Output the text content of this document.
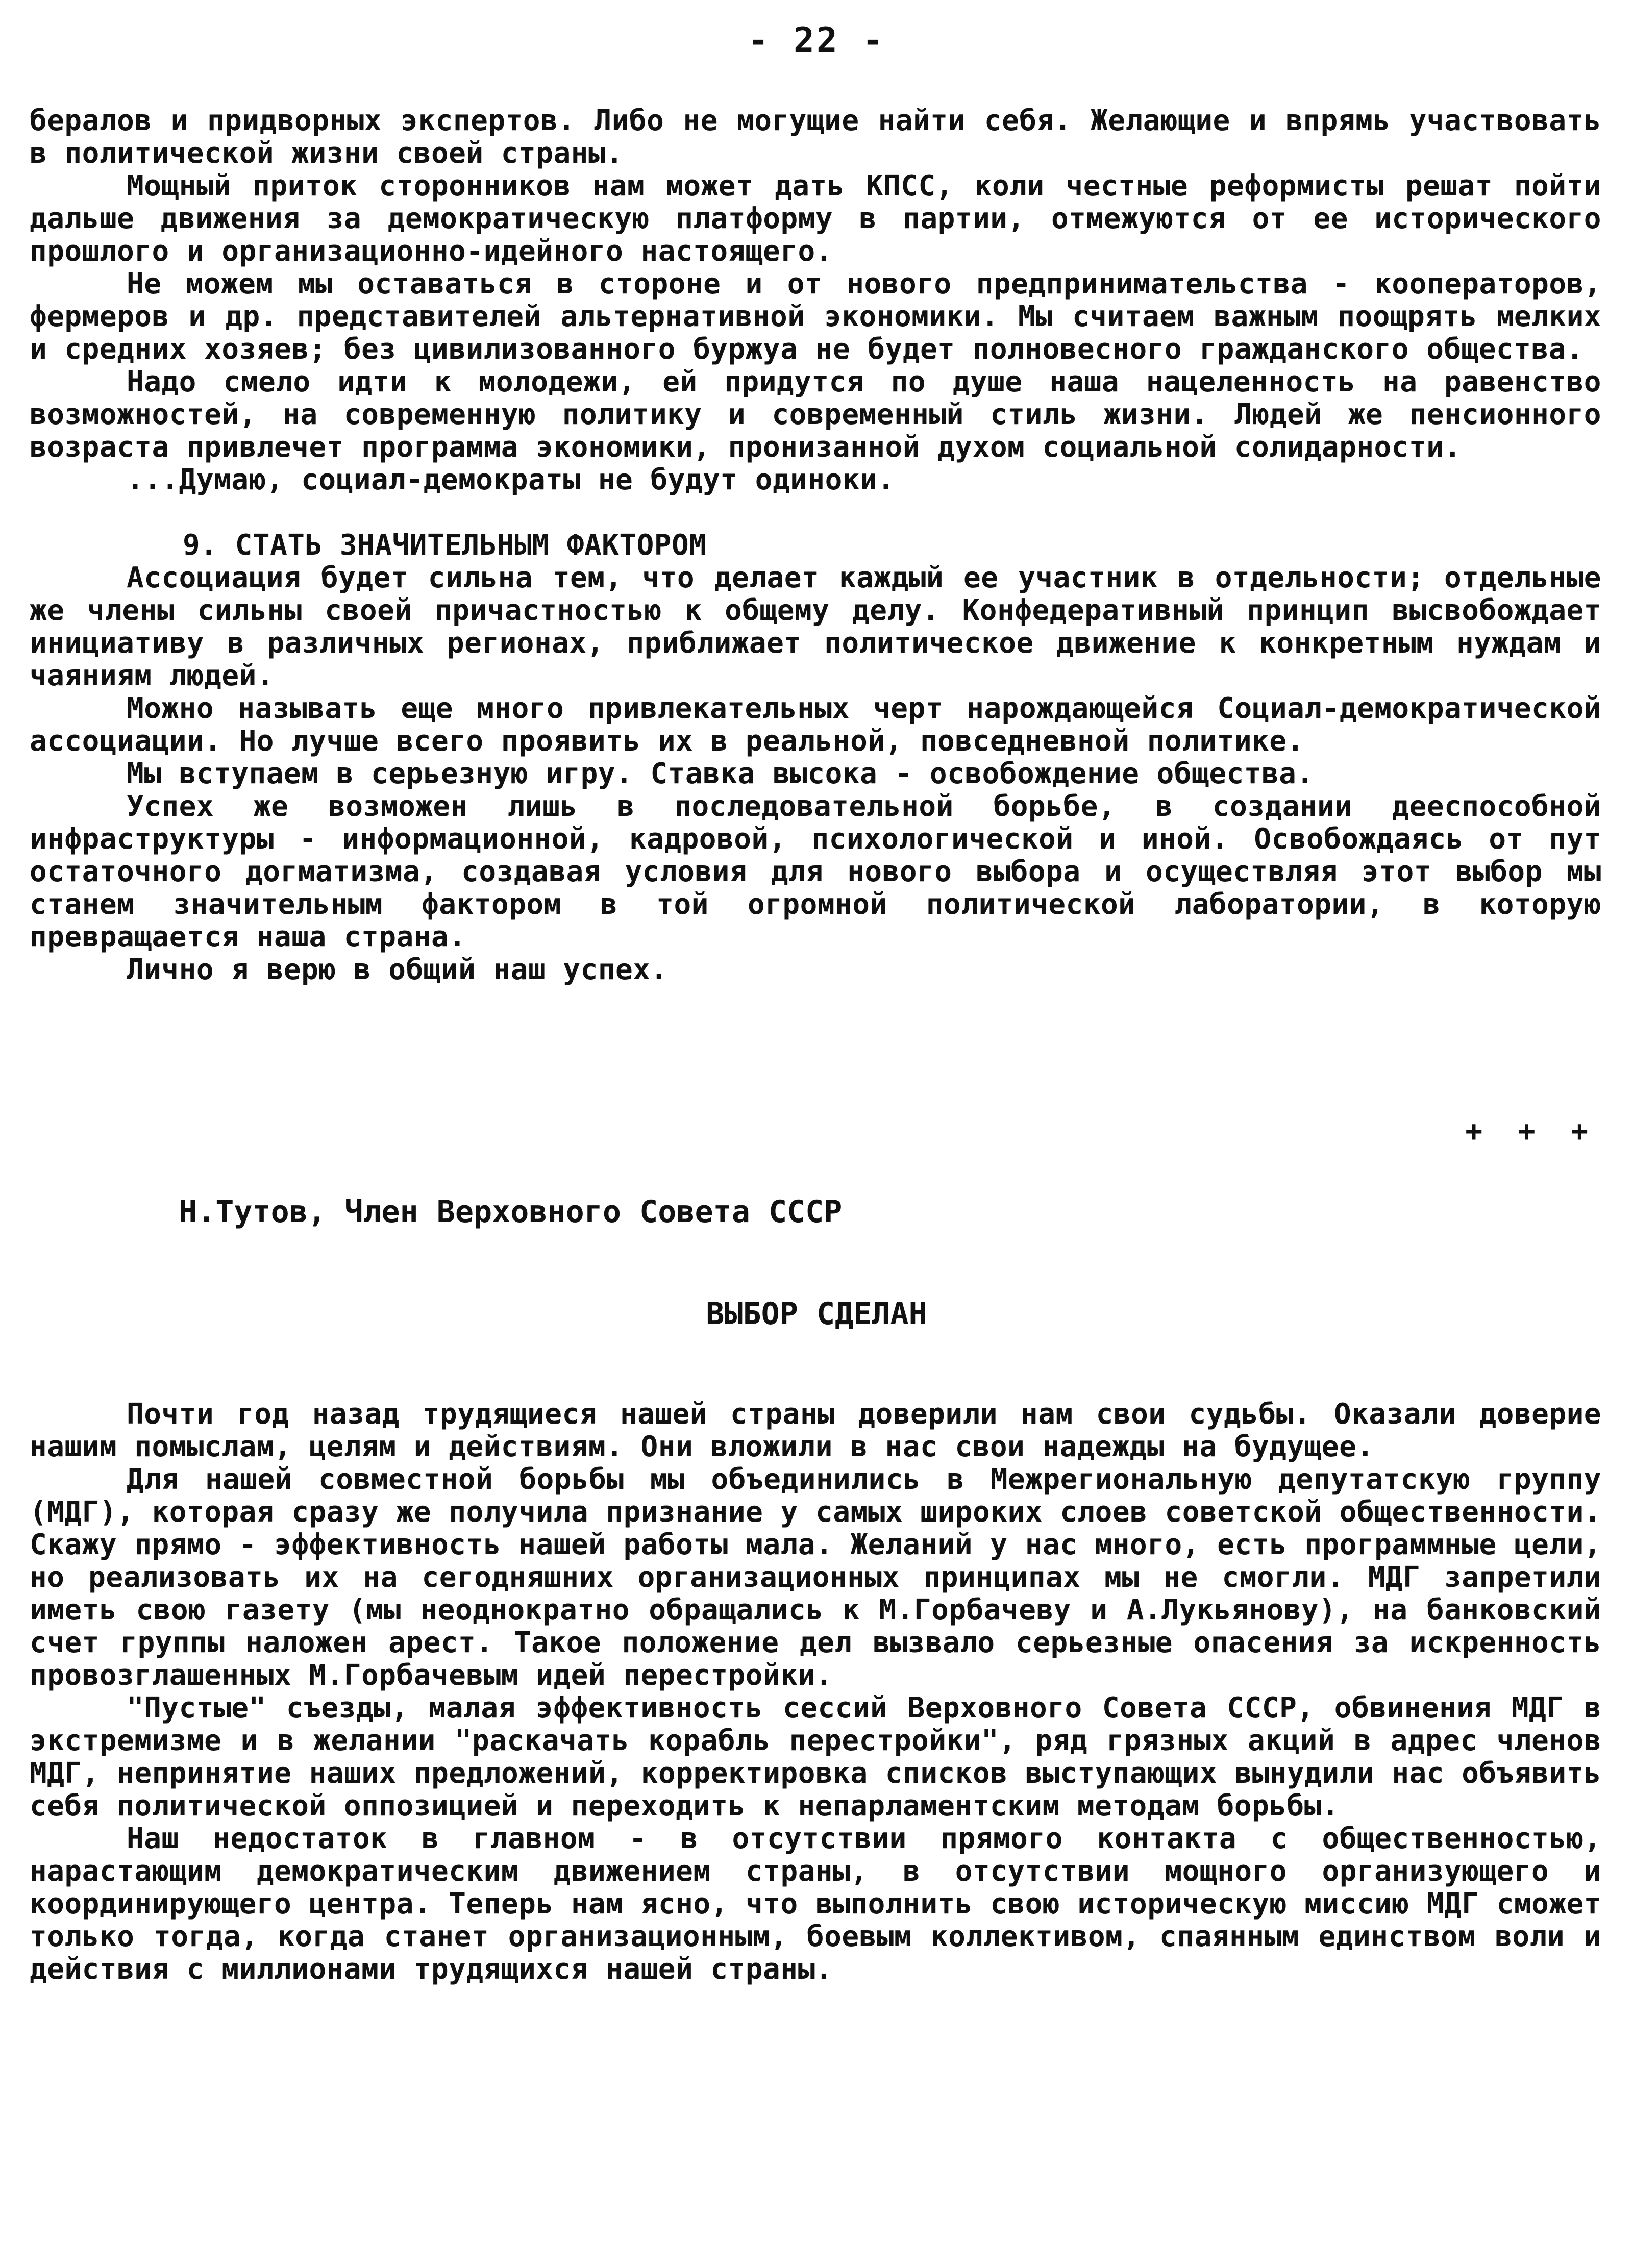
- 22 -

бералов и придворных экспертов. Либо не могущие найти себя. Желающие и впрямь участвовать в политической жизни своей страны.

Мощный приток сторонников нам может дать КПСС, коли честные реформисты решат пойти дальше движения за демократическую платформу в партии, отмежуются от ее исторического прошлого и организационно-идейного настоящего.

Не можем мы оставаться в стороне и от нового предпринимательства - кооператоров, фермеров и др. представителей альтернативной экономики. Мы считаем важным поощрять мелких и средних хозяев; без цивилизованного буржуа не будет полновесного гражданского общества.

Надо смело идти к молодежи, ей придутся по душе наша нацеленность на равенство возможностей, на современную политику и современный стиль жизни. Людей же пенсионного возраста привлечет программа экономики, пронизанной духом социальной солидарности.

...Думаю, социал-демократы не будут одиноки.

9. СТАТЬ ЗНАЧИТЕЛЬНЫМ ФАКТОРОМ

Ассоциация будет сильна тем, что делает каждый ее участник в отдельности; отдельные же члены сильны своей причастностью к общему делу. Конфедеративный принцип высвобождает инициативу в различных регионах, приближает политическое движение к конкретным нуждам и чаяниям людей.

Можно называть еще много привлекательных черт нарождающейся Социал-демократической ассоциации. Но лучше всего проявить их в реальной, повседневной политике.

Мы вступаем в серьезную игру. Ставка высока - освобождение общества.

Успех же возможен лишь в последовательной борьбе, в создании дееспособной инфраструктуры - информационной, кадровой, психологической и иной. Освобождаясь от пут остаточного догматизма, создавая условия для нового выбора и осуществляя этот выбор мы станем значительным фактором в той огромной политической лаборатории, в которую превращается наша страна.

Лично я верю в общий наш успех.

+ + +
Н.Тутов, Член Верховного Совета СССР
ВЫБОР СДЕЛАН

Почти год назад трудящиеся нашей страны доверили нам свои судьбы. Оказали доверие нашим помыслам, целям и действиям. Они вложили в нас свои надежды на будущее.

Для нашей совместной борьбы мы объединились в Межрегиональную депутатскую группу (МДГ), которая сразу же получила признание у самых широких слоев советской общественности. Скажу прямо - эффективность нашей работы мала. Желаний у нас много, есть программные цели, но реализовать их на сегодняшних организационных принципах мы не смогли. МДГ запретили иметь свою газету (мы неоднократно обращались к М.Горбачеву и А.Лукьянову), на банковский счет группы наложен арест. Такое положение дел вызвало серьезные опасения за искренность провозглашенных М.Горбачевым идей перестройки.

"Пустые" съезды, малая эффективность сессий Верховного Совета СССР, обвинения МДГ в экстремизме и в желании "раскачать корабль перестройки", ряд грязных акций в адрес членов МДГ, непринятие наших предложений, корректировка списков выступающих вынудили нас объявить себя политической оппозицией и переходить к непарламентским методам борьбы.

Наш недостаток в главном - в отсутствии прямого контакта с общественностью, нарастающим демократическим движением страны, в отсутствии мощного организующего и координирующего центра. Теперь нам ясно, что выполнить свою историческую миссию МДГ сможет только тогда, когда станет организационным, боевым коллективом, спаянным единством воли и действия с миллионами трудящихся нашей страны.
